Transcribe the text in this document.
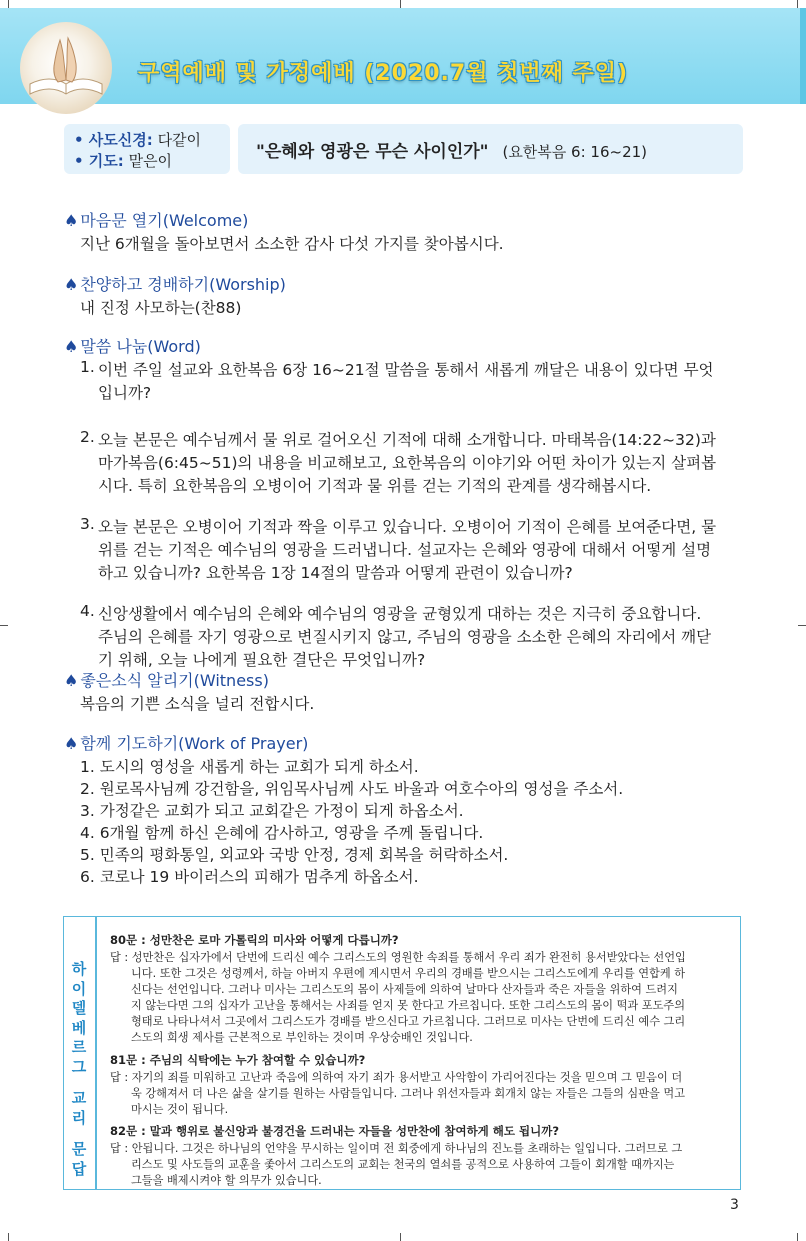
구역예배 및 가정예배 (2020.7월 첫번째 주일)
• 사도신경: 다같이
• 기도: 맡은이	"은혜와 영광은 무슨 사이인가" (요한복음 6: 16~21)
♠ 마음문 열기(Welcome)
지난 6개월을 돌아보면서 소소한 감사 다섯 가지를 찾아봅시다.
♠ 찬양하고 경배하기(Worship)
내 진정 사모하는(찬88)
♠ 말씀 나눔(Word)
1. 이번 주일 설교와 요한복음 6장 16~21절 말씀을 통해서 새롭게 깨달은 내용이 있다면 무엇
입니까?
2. 오늘 본문은 예수님께서 물 위로 걸어오신 기적에 대해 소개합니다. 마태복음(14:22~32)과
마가복음(6:45~51)의 내용을 비교해보고, 요한복음의 이야기와 어떤 차이가 있는지 살펴봅
시다. 특히 요한복음의 오병이어 기적과 물 위를 걷는 기적의 관계를 생각해봅시다.
3. 오늘 본문은 오병이어 기적과 짝을 이루고 있습니다. 오병이어 기적이 은혜를 보여준다면, 물
위를 걷는 기적은 예수님의 영광을 드러냅니다. 설교자는 은혜와 영광에 대해서 어떻게 설명
하고 있습니까? 요한복음 1장 14절의 말씀과 어떻게 관련이 있습니까?
4. 신앙생활에서 예수님의 은혜와 예수님의 영광을 균형있게 대하는 것은 지극히 중요합니다.
주님의 은혜를 자기 영광으로 변질시키지 않고, 주님의 영광을 소소한 은혜의 자리에서 깨닫
기 위해, 오늘 나에게 필요한 결단은 무엇입니까?
♠ 좋은소식 알리기(Witness)
복음의 기쁜 소식을 널리 전합시다.
♠ 함께 기도하기(Work of Prayer)
1. 도시의 영성을 새롭게 하는 교회가 되게 하소서.
2. 원로목사님께 강건함을, 위임목사님께 사도 바울과 여호수아의 영성을 주소서.
3. 가정같은 교회가 되고 교회같은 가정이 되게 하옵소서.
4. 6개월 함께 하신 은혜에 감사하고, 영광을 주께 돌립니다.
5. 민족의 평화통일, 외교와 국방 안정, 경제 회복을 허락하소서.
6. 코로나 19 바이러스의 피해가 멈추게 하옵소서.
하
이
델
베
르
그
교
리
문
답
80문 : 성만찬은 로마 가톨릭의 미사와 어떻게 다릅니까?
답 : 성만찬은 십자가에서 단번에 드리신 예수 그리스도의 영원한 속죄를 통해서 우리 죄가 완전히 용서받았다는 선언입
니다. 또한 그것은 성령께서, 하늘 아버지 우편에 계시면서 우리의 경배를 받으시는 그리스도에게 우리를 연합케 하
신다는 선언입니다. 그러나 미사는 그리스도의 몸이 사제들에 의하여 날마다 산자들과 죽은 자들을 위하여 드려지
지 않는다면 그의 십자가 고난을 통해서는 사죄를 얻지 못 한다고 가르칩니다. 또한 그리스도의 몸이 떡과 포도주의
형태로 나타나셔서 그곳에서 그리스도가 경배를 받으신다고 가르칩니다. 그러므로 미사는 단번에 드리신 예수 그리
스도의 희생 제사를 근본적으로 부인하는 것이며 우상숭배인 것입니다.
81문 : 주님의 식탁에는 누가 참여할 수 있습니까?
답 : 자기의 죄를 미워하고 고난과 죽음에 의하여 자기 죄가 용서받고 사악함이 가리어진다는 것을 믿으며 그 믿음이 더
욱 강해져서 더 나은 삶을 살기를 원하는 사람들입니다. 그러나 위선자들과 회개치 않는 자들은 그들의 심판을 먹고
마시는 것이 됩니다.
82문 : 말과 행위로 불신앙과 불경건을 드러내는 자들을 성만찬에 참여하게 해도 됩니까?
답 : 안됩니다. 그것은 하나님의 언약을 무시하는 일이며 전 회중에게 하나님의 진노를 초래하는 일입니다. 그러므로 그
리스도 및 사도들의 교훈을 좇아서 그리스도의 교회는 천국의 열쇠를 공적으로 사용하여 그들이 회개할 때까지는
그들을 배제시켜야 할 의무가 있습니다.
3
